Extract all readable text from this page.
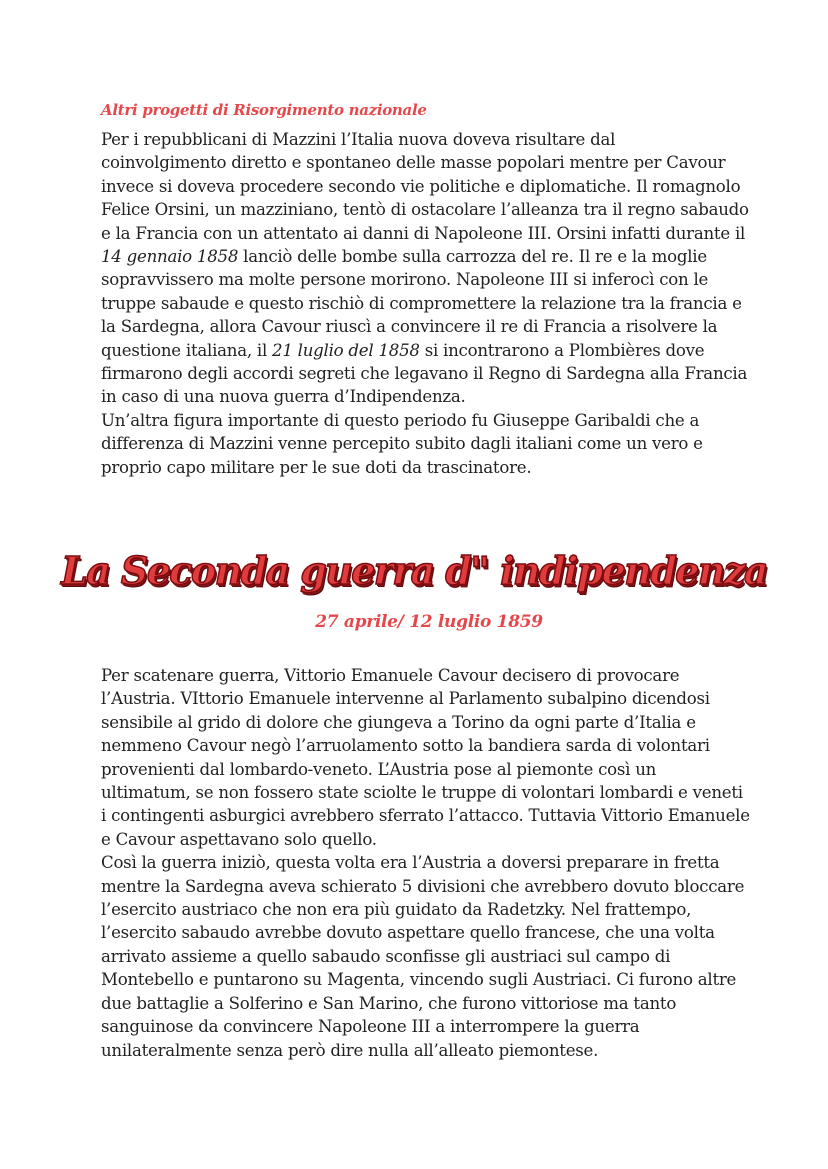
Altri progetti di Risorgimento nazionale
Per i repubblicani di Mazzini l’Italia nuova doveva risultare dal
coinvolgimento diretto e spontaneo delle masse popolari mentre per Cavour
invece si doveva procedere secondo vie politiche e diplomatiche. Il romagnolo
Felice Orsini, un mazziniano, tentò di ostacolare l’alleanza tra il regno sabaudo
e la Francia con un attentato ai danni di Napoleone III. Orsini infatti durante il
14 gennaio 1858 lanciò delle bombe sulla carrozza del re. Il re e la moglie
sopravvissero ma molte persone morirono. Napoleone III si inferocì con le
truppe sabaude e questo rischiò di compromettere la relazione tra la francia e
la Sardegna, allora Cavour riuscì a convincere il re di Francia a risolvere la
questione italiana, il 21 luglio del 1858 si incontrarono a Plombières dove
firmarono degli accordi segreti che legavano il Regno di Sardegna alla Francia
in caso di una nuova guerra d’Indipendenza.
Un’altra figura importante di questo periodo fu Giuseppe Garibaldi che a
differenza di Mazzini venne percepito subito dagli italiani come un vero e
proprio capo militare per le sue doti da trascinatore.
La Seconda guerra d" indipendenza
27 aprile/ 12 luglio 1859
Per scatenare guerra, Vittorio Emanuele Cavour decisero di provocare
l’Austria. VIttorio Emanuele intervenne al Parlamento subalpino dicendosi
sensibile al grido di dolore che giungeva a Torino da ogni parte d’Italia e
nemmeno Cavour negò l’arruolamento sotto la bandiera sarda di volontari
provenienti dal lombardo-veneto. L’Austria pose al piemonte così un
ultimatum, se non fossero state sciolte le truppe di volontari lombardi e veneti
i contingenti asburgici avrebbero sferrato l’attacco. Tuttavia Vittorio Emanuele
e Cavour aspettavano solo quello.
Così la guerra iniziò, questa volta era l’Austria a doversi preparare in fretta
mentre la Sardegna aveva schierato 5 divisioni che avrebbero dovuto bloccare
l’esercito austriaco che non era più guidato da Radetzky. Nel frattempo,
l’esercito sabaudo avrebbe dovuto aspettare quello francese, che una volta
arrivato assieme a quello sabaudo sconfisse gli austriaci sul campo di
Montebello e puntarono su Magenta, vincendo sugli Austriaci. Ci furono altre
due battaglie a Solferino e San Marino, che furono vittoriose ma tanto
sanguinose da convincere Napoleone III a interrompere la guerra
unilateralmente senza però dire nulla all’alleato piemontese.
